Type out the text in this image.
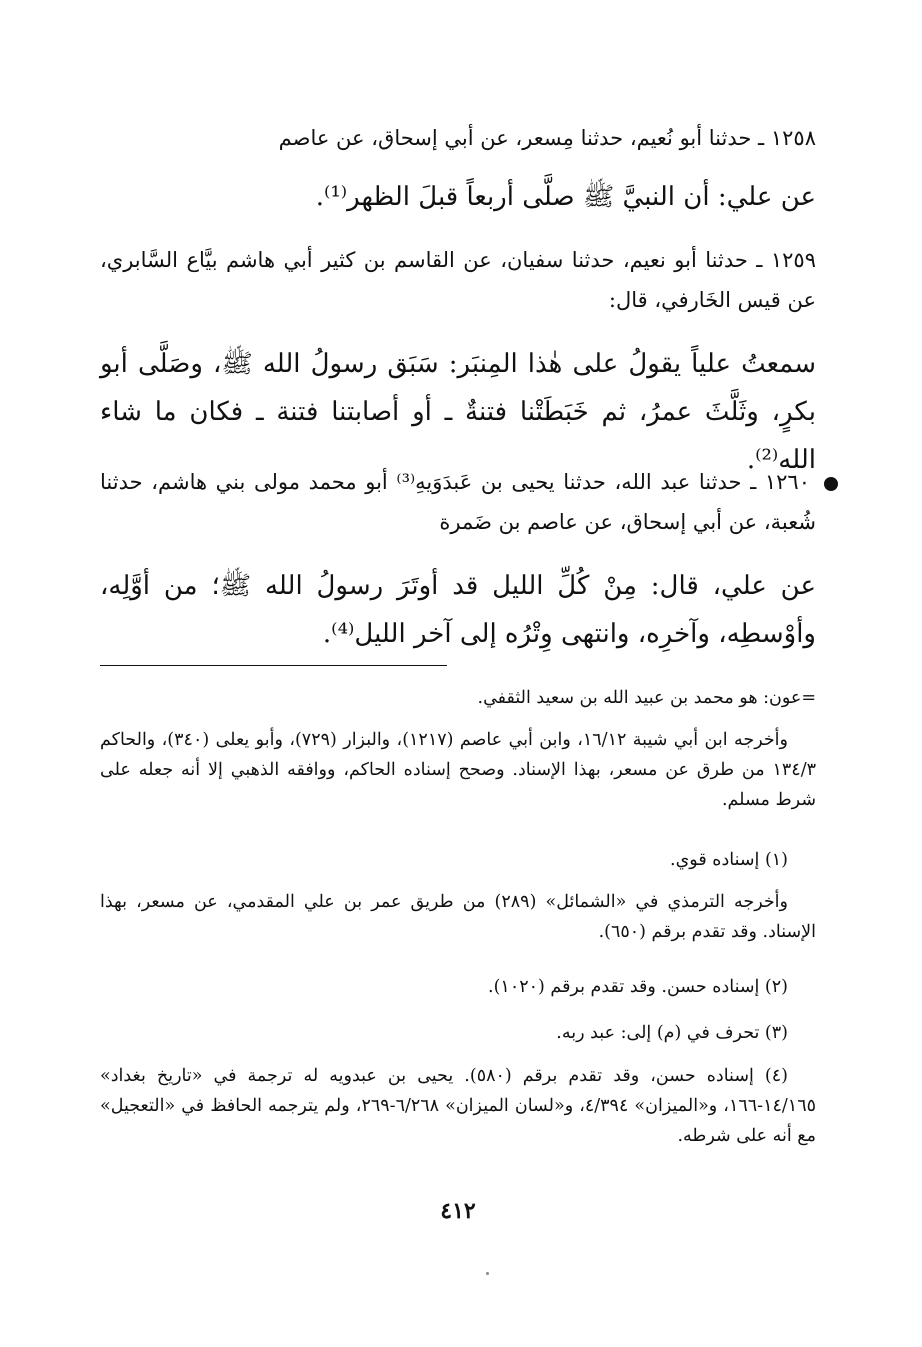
١٢٥٨ ـ حدثنا أبو نُعيم، حدثنا مِسعر، عن أبي إسحاق، عن عاصم
عن علي: أن النبيَّ ﷺ صلَّى أربعاً قبلَ الظهر⁽¹⁾.
١٢٥٩ ـ حدثنا أبو نعيم، حدثنا سفيان، عن القاسم بن كثير أبي هاشم بيَّاع السَّابري، عن قيس الخَارفي، قال:
سمعتُ علياً يقولُ على هٰذا المِنبَر: سَبَق رسولُ الله ﷺ، وصَلَّى أبو بكرٍ، وثَلَّثَ عمرُ، ثم خَبَطَتْنا فتنةٌ ـ أو أصابتنا فتنة ـ فكان ما شاء الله⁽²⁾.
١٢٦٠ ـ حدثنا عبد الله، حدثنا يحيى بن عَبدَوَيهِ⁽³⁾ أبو محمد مولى بني هاشم، حدثنا شُعبة، عن أبي إسحاق، عن عاصم بن ضَمرة
عن علي، قال: مِنْ كُلِّ الليل قد أوتَرَ رسولُ الله ﷺ؛ من أوَّلِه، وأوْسطِه، وآخرِه، وانتهى وِتْرُه إلى آخر الليل⁽⁴⁾.
=عون: هو محمد بن عبيد الله بن سعيد الثقفي.
وأخرجه ابن أبي شيبة ١٦/١٢، وابن أبي عاصم (١٢١٧)، والبزار (٧٢٩)، وأبو يعلى (٣٤٠)، والحاكم ١٣٤/٣ من طرق عن مسعر، بهذا الإسناد. وصحح إسناده الحاكم، ووافقه الذهبي إلا أنه جعله على شرط مسلم.
(١) إسناده قوي.
وأخرجه الترمذي في «الشمائل» (٢٨٩) من طريق عمر بن علي المقدمي، عن مسعر، بهذا الإسناد. وقد تقدم برقم (٦٥٠).
(٢) إسناده حسن. وقد تقدم برقم (١٠٢٠).
(٣) تحرف في (م) إلى: عبد ربه.
(٤) إسناده حسن، وقد تقدم برقم (٥٨٠). يحيى بن عبدويه له ترجمة في «تاريخ بغداد» ١٤/١٦٥-١٦٦، و«الميزان» ٤/٣٩٤، و«لسان الميزان» ٦/٢٦٨-٢٦٩، ولم يترجمه الحافظ في «التعجيل» مع أنه على شرطه.
٤١٢
